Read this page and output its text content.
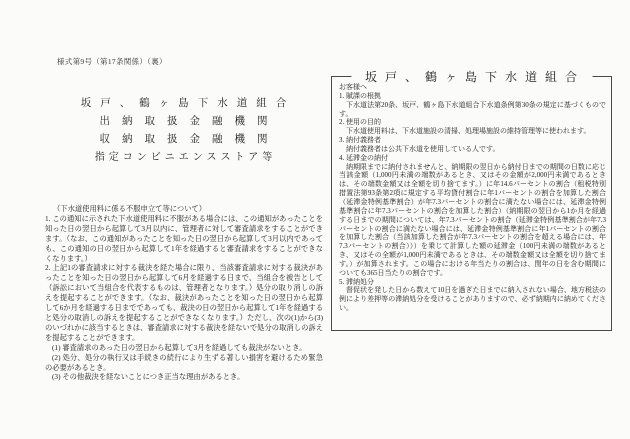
様式第9号（第17条関係）（裏）
坂戸、鶴ヶ島下水道組合
出納取扱金融機関
収納取扱金融機関
指定コンビニエンスストア等

（下水道使用料に係る不服申立て等について）

1. この通知に示された下水道使用料に不服がある場合には、この通知があったことを知った日の翌日から起算して3月以内に、管理者に対して審査請求をすることができます。（なお、この通知があったことを知った日の翌日から起算して3月以内であっても、この通知の日の翌日から起算して1年を経過すると審査請求をすることができなくなります。）

2. 上記1の審査請求に対する裁決を経た場合に限り、当該審査請求に対する裁決があったことを知った日の翌日から起算して6月を経過する日まで、当組合を被告として（訴訟において当組合を代表するものは、管理者となります。）処分の取り消しの訴えを提起することができます。（なお、裁決があったことを知った日の翌日から起算して6か月を経過する日までであっても、裁決の日の翌日から起算して1年を経過すると処分の取消しの訴えを提起することができなくなります。）ただし、次の(1)から(3)のいづれかに該当するときは、審査請求に対する裁決を経ないで処分の取消しの訴えを提起することができます。

(1) 審査請求のあった日の翌日から起算して3月を経過しても裁決がないとき。

(2) 処分、処分の執行又は手続きの続行により生ずる著しい損害を避けるため緊急の必要があるとき。

(3) その他裁決を経ないことにつき正当な理由があるとき。

坂戸、鶴ヶ島下水道組合

お客様へ

1. 賦課の根拠

下水道法第20条、坂戸、鶴ヶ島下水道組合下水道条例第30条の規定に基づくものです。

2. 使用の目的

下水道使用料は、下水道施設の清掃、処理場施設の維持管理等に使われます。

3. 納付義務者

納付義務者は公共下水道を使用している人です。

4. 延滞金の納付

納期限までに納付されませんと、納期限の翌日から納付日までの期間の日数に応じ当該金額（1,000円未満の端数があるとき、又はその金額が2,000円未満であるときは、その端数金額又は全額を切り捨てます。）に年14.6パーセントの割合（租税特別措置法第93条第2項に規定する平均貸付割合に年1パーセントの割合を加算した割合（延滞金特例基準割合）が年7.3パーセントの割合に満たない場合には、延滞金特例基準割合に年7.3パーセントの割合を加算した割合）（納期限の翌日から1か月を経過する日までの期間については、年7.3パーセントの割合（延滞金特例基準割合が年7.3パーセントの割合に満たない場合には、延滞金特例基準割合に年1パーセントの割合を加算した割合（当該加算した割合が年7.3パーセントの割合を超える場合には、年7.3パーセントの割合）））を乗じて計算した額の延滞金（100円未満の端数があるとき、又はその全額が1,000円未満であるときは、その端数金額又は全額を切り捨てます。）が加算されます。この場合における年当たりの割合は、閏年の日を含む期間についても365日当たりの割合です。

5. 滞納処分

督促状を発した日から数えて10日を過ぎた日までに納入されない場合、地方税法の例により差押等の滞納処分を受けることがありますので、必ず納期内に納めてください。
